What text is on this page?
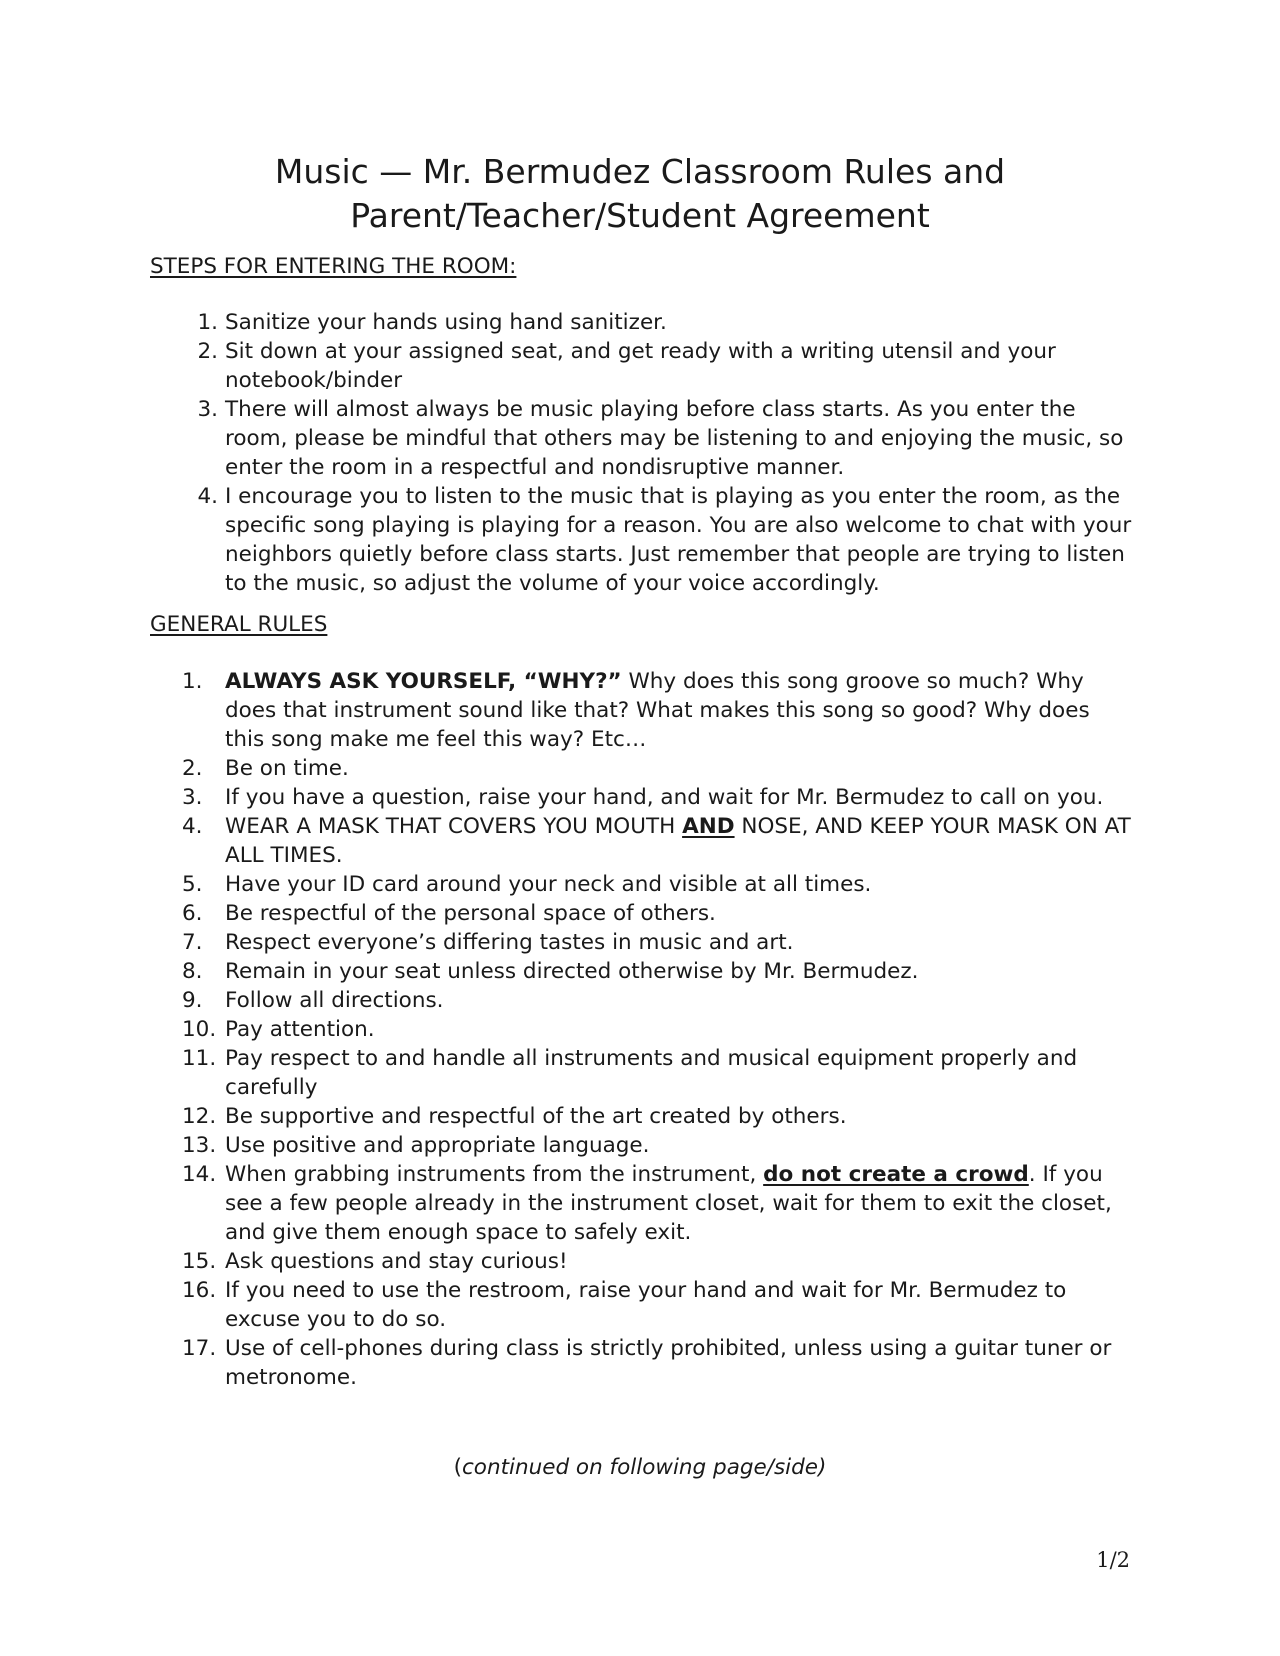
Music — Mr. Bermudez Classroom Rules and
Parent/Teacher/Student Agreement
STEPS FOR ENTERING THE ROOM:
1. Sanitize your hands using hand sanitizer.
2. Sit down at your assigned seat, and get ready with a writing utensil and your notebook/binder
3. There will almost always be music playing before class starts. As you enter the room, please be mindful that others may be listening to and enjoying the music, so enter the room in a respectful and nondisruptive manner.
4. I encourage you to listen to the music that is playing as you enter the room, as the specific song playing is playing for a reason. You are also welcome to chat with your neighbors quietly before class starts. Just remember that people are trying to listen to the music, so adjust the volume of your voice accordingly.
GENERAL RULES
1. ALWAYS ASK YOURSELF, “WHY?” Why does this song groove so much? Why does that instrument sound like that? What makes this song so good? Why does this song make me feel this way? Etc…
2. Be on time.
3. If you have a question, raise your hand, and wait for Mr. Bermudez to call on you.
4. WEAR A MASK THAT COVERS YOU MOUTH AND NOSE, AND KEEP YOUR MASK ON AT ALL TIMES.
5. Have your ID card around your neck and visible at all times.
6. Be respectful of the personal space of others.
7. Respect everyone’s differing tastes in music and art.
8. Remain in your seat unless directed otherwise by Mr. Bermudez.
9. Follow all directions.
10. Pay attention.
11. Pay respect to and handle all instruments and musical equipment properly and carefully
12. Be supportive and respectful of the art created by others.
13. Use positive and appropriate language.
14. When grabbing instruments from the instrument, do not create a crowd. If you see a few people already in the instrument closet, wait for them to exit the closet, and give them enough space to safely exit.
15. Ask questions and stay curious!
16. If you need to use the restroom, raise your hand and wait for Mr. Bermudez to excuse you to do so.
17. Use of cell-phones during class is strictly prohibited, unless using a guitar tuner or metronome.
(continued on following page/side)
1/2
